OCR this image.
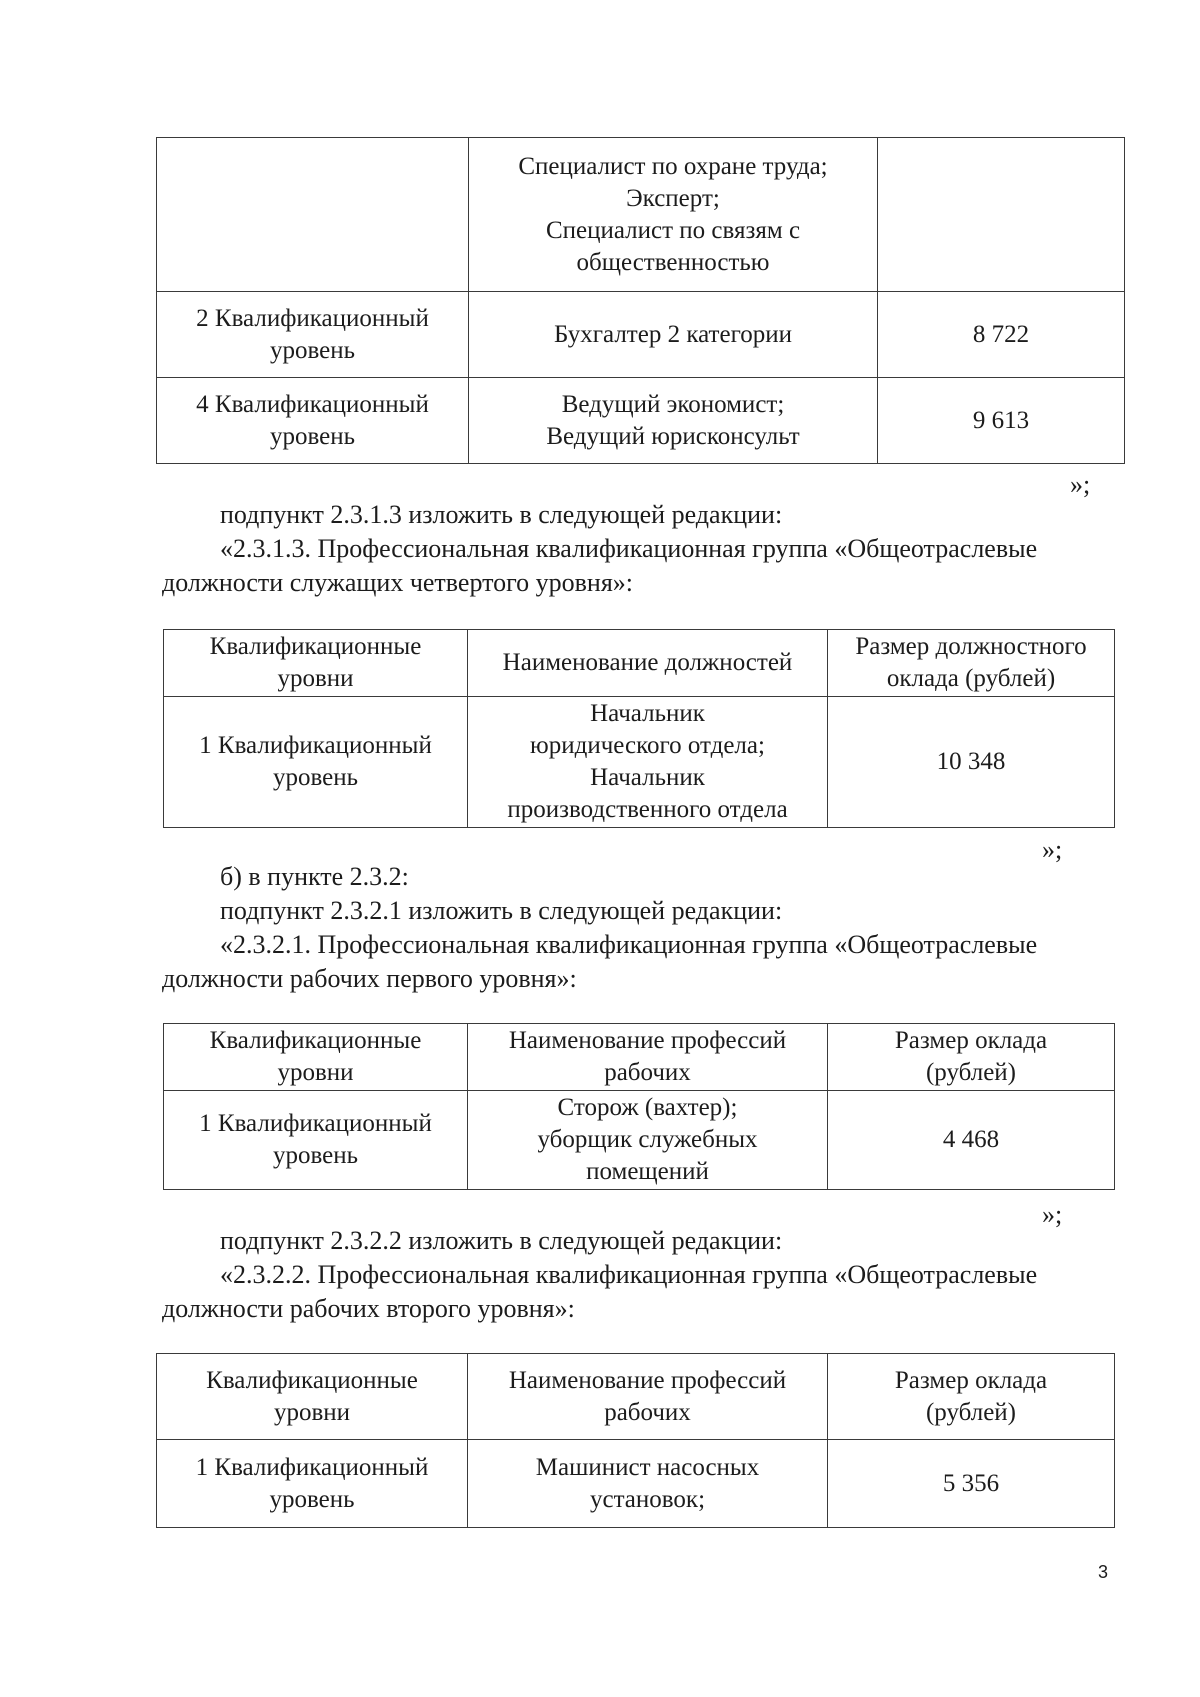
	Специалист по охране труда;
Эксперт;
Специалист по связям с
общественностью	

2 Квалификационный
уровень	Бухгалтер 2 категории	8 722

4 Квалификационный
уровень	Ведущий экономист;
Ведущий юрисконсульт	9 613
»;

подпункт 2.3.1.3 изложить в следующей редакции:

«2.3.1.3. Профессиональная квалификационная группа «Общеотраслевые

должности служащих четвертого уровня»:

Квалификационные
уровни	Наименование должностей	Размер должностного
оклада (рублей)

1 Квалификационный
уровень	Начальник
юридического отдела;
Начальник
производственного отдела	10 348
»;

б) в пункте 2.3.2:

подпункт 2.3.2.1 изложить в следующей редакции:

«2.3.2.1. Профессиональная квалификационная группа «Общеотраслевые

должности рабочих первого уровня»:

Квалификационные
уровни	Наименование профессий
рабочих	Размер оклада
(рублей)

1 Квалификационный
уровень	Сторож (вахтер);
уборщик служебных
помещений	4 468
»;

подпункт 2.3.2.2 изложить в следующей редакции:

«2.3.2.2. Профессиональная квалификационная группа «Общеотраслевые

должности рабочих второго уровня»:

Квалификационные
уровни	Наименование профессий
рабочих	Размер оклада
(рублей)

1 Квалификационный
уровень	Машинист насосных
установок;	5 356
3
